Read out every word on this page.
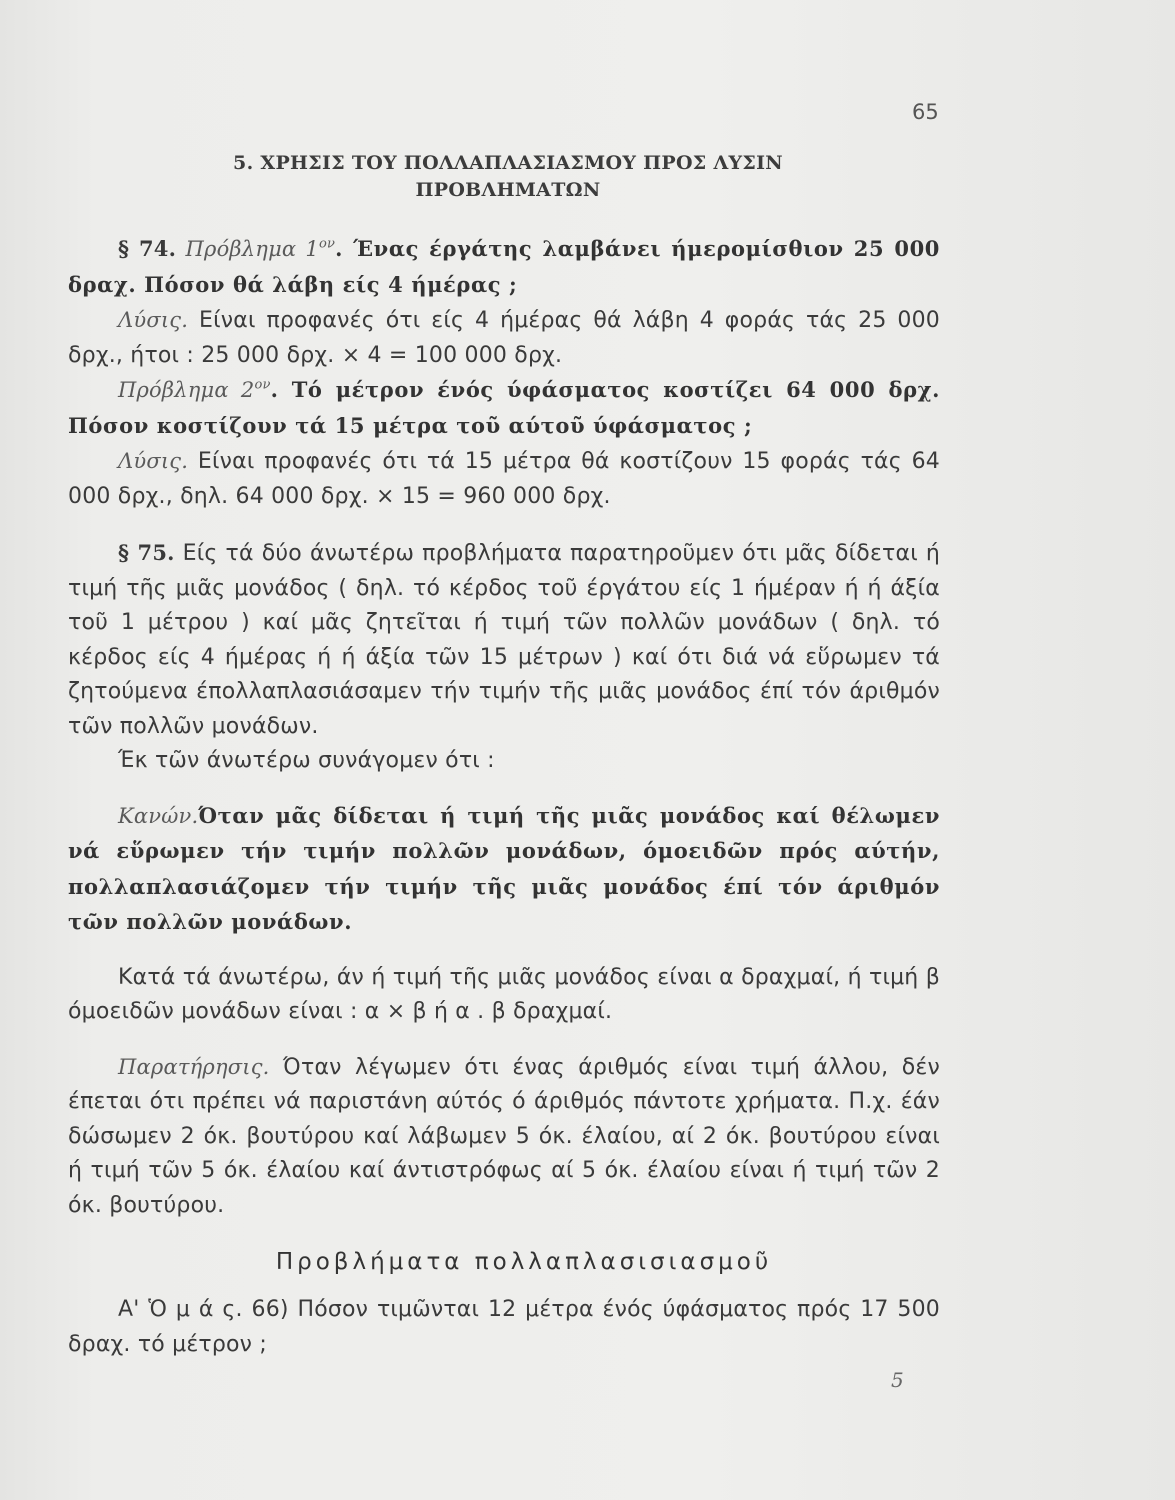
65
5. ΧΡΗΣΙΣ ΤΟΥ ΠΟΛΛΑΠΛΑΣΙΑΣΜΟΥ ΠΡΟΣ ΛΥΣΙΝ
ΠΡΟΒΛΗΜΑΤΩΝ

§ 74. Πρόβλημα $1^{o\nu}$. Ένας έργάτης λαμβάνει ήμερομίσθιον 25 000 δραχ. Πόσον θά λάβη είς 4 ήμέρας ;

Λύσις. Είναι προφανές ότι είς 4 ήμέρας θά λάβη 4 φοράς τάς 25 000 δρχ., ήτοι : 25 000 δρχ. × 4 = 100 000 δρχ.

Πρόβλημα $2^{o\nu}$. Τό μέτρον ένός ύφάσματος κοστίζει 64 000 δρχ. Πόσον κοστίζουν τά 15 μέτρα τοῦ αύτοῦ ύφάσματος ;

Λύσις. Είναι προφανές ότι τά 15 μέτρα θά κοστίζουν 15 φοράς τάς 64 000 δρχ., δηλ. 64 000 δρχ. × 15 = 960 000 δρχ.

§ 75. Είς τά δύο άνωτέρω προβλήματα παρατηροῦμεν ότι μᾶς δίδεται ή τιμή τῆς μιᾶς μονάδος ( δηλ. τό κέρδος τοῦ έργάτου είς 1 ήμέραν ή ή άξία τοῦ 1 μέτρου ) καί μᾶς ζητεῖται ή τιμή τῶν πολλῶν μονάδων ( δηλ. τό κέρδος είς 4 ήμέρας ή ή άξία τῶν 15 μέτρων ) καί ότι διά νά εὕρωμεν τά ζητούμενα έπολλαπλασιάσαμεν τήν τιμήν τῆς μιᾶς μονάδος έπί τόν άριθμόν τῶν πολλῶν μονάδων.

Έκ τῶν άνωτέρω συνάγομεν ότι :

Κανών.Όταν μᾶς δίδεται ή τιμή τῆς μιᾶς μονάδος καί θέλωμεν νά εὕρωμεν τήν τιμήν πολλῶν μονάδων, όμοειδῶν πρός αύτήν, πολλαπλασιάζομεν τήν τιμήν τῆς μιᾶς μονάδος έπί τόν άριθμόν τῶν πολλῶν μονάδων.

Κατά τά άνωτέρω, άν ή τιμή τῆς μιᾶς μονάδος είναι α δραχμαί, ή τιμή β όμοειδῶν μονάδων είναι : α × β ή α . β δραχμαί.

Παρατήρησις. Όταν λέγωμεν ότι ένας άριθμός είναι τιμή άλλου, δέν έπεται ότι πρέπει νά παριστάνη αύτός ό άριθμός πάντοτε χρήματα. Π.χ. έάν δώσωμεν 2 όκ. βουτύρου καί λάβωμεν 5 όκ. έλαίου, αί 2 όκ. βουτύρου είναι ή τιμή τῶν 5 όκ. έλαίου καί άντιστρόφως αί 5 όκ. έλαίου είναι ή τιμή τῶν 2 όκ. βουτύρου.

Προβλήματα πολλαπλασισιασμοῦ

Α' Ὁ μ ά ς. 66) Πόσον τιμῶνται 12 μέτρα ένός ύφάσματος πρός 17 500 δραχ. τό μέτρον ;

5
